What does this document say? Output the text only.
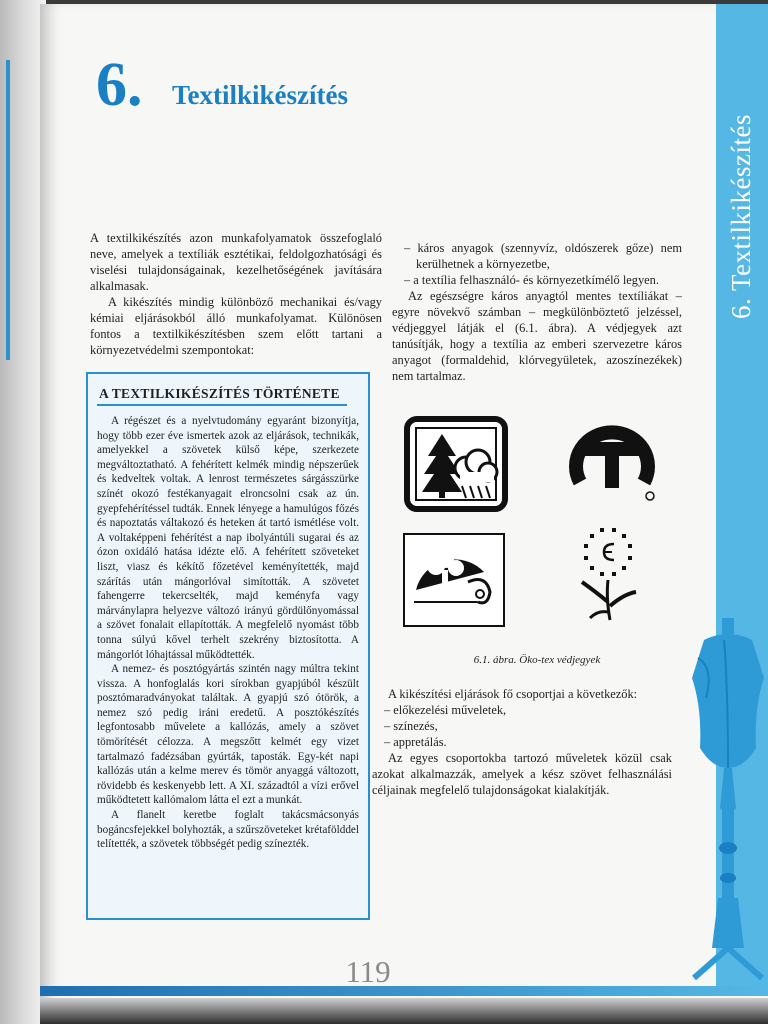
6. Textilkikészítés
6. Textilkikészítés

A textilkikészítés azon munkafolyamatok összefoglaló neve, amelyek a textíliák esztétikai, feldolgozhatósági és viselési tulajdonságainak, kezelhetőségének javítására alkalmasak.

A kikészítés mindig különböző mechanikai és/vagy kémiai eljárásokból álló munkafolyamat. Különösen fontos a textilkikészítésben szem előtt tartani a környezetvédelmi szempontokat:

A TEXTILKIKÉSZÍTÉS TÖRTÉNETE

A régészet és a nyelvtudomány egyaránt bizonyítja, hogy több ezer éve ismertek azok az eljárások, technikák, amelyekkel a szövetek külső képe, szerkezete megváltoztatható. A fehérített kelmék mindig népszerűek és kedveltek voltak. A lenrost természetes sárgásszürke színét okozó festékanyagait elroncsolni csak az ún. gyepfehérítéssel tudták. Ennek lényege a hamulúgos főzés és napoztatás váltakozó és heteken át tartó ismétlése volt. A voltaképpeni fehérítést a nap ibolyántúli sugarai és az ózon oxidáló hatása idézte elő. A fehérített szöveteket liszt, viasz és kékítő főzetével keményítették, majd szárítás után mángorlóval simították. A szövetet fahengerre tekercselték, majd keményfa vagy márványlapra helyezve változó irányú gördülőnyomással a szövet fonalait ellapították. A megfelelő nyomást több tonna súlyú kővel terhelt szekrény biztosította. A mángorlót lóhajtással működtették.

A nemez- és posztógyártás szintén nagy múltra tekint vissza. A honfoglalás kori sírokban gyapjúból készült posztómaradványokat találtak. A gyapjú szó ótörök, a nemez szó pedig iráni eredetű. A posztókészítés legfontosabb művelete a kallózás, amely a szövet tömörítését célozza. A megszőtt kelmét egy vizet tartalmazó fadézsában gyúrták, taposták. Egy-két napi kallózás után a kelme merev és tömör anyaggá változott, rövidebb és keskenyebb lett. A XI. századtól a vízi erővel működtetett kallómalom látta el ezt a munkát.

A flanelt keretbe foglalt takácsmácsonyás bogáncsfejekkel bolyhozták, a szűrszöveteket krétafölddel telítették, a szövetek többségét pedig színezték.

– káros anyagok (szennyvíz, oldószerek gőze) nem kerülhetnek a környezetbe,
– a textília felhasználó- és környezetkímélő legyen.

Az egészségre káros anyagtól mentes textíliákat – egyre növekvő számban – megkülönböztető jelzéssel, védjeggyel látják el (6.1. ábra). A védjegyek azt tanúsítják, hogy a textília az emberi szervezetre káros anyagot (formaldehid, klórvegyületek, azoszínezékek) nem tartalmaz.

6.1. ábra. Öko-tex védjegyek

A kikészítési eljárások fő csoportjai a következők:

– előkezelési műveletek,
– színezés,
– appretálás.

Az egyes csoportokba tartozó műveletek közül csak azokat alkalmazzák, amelyek a kész szövet felhasználási céljainak megfelelő tulajdonságokat kialakítják.

119
